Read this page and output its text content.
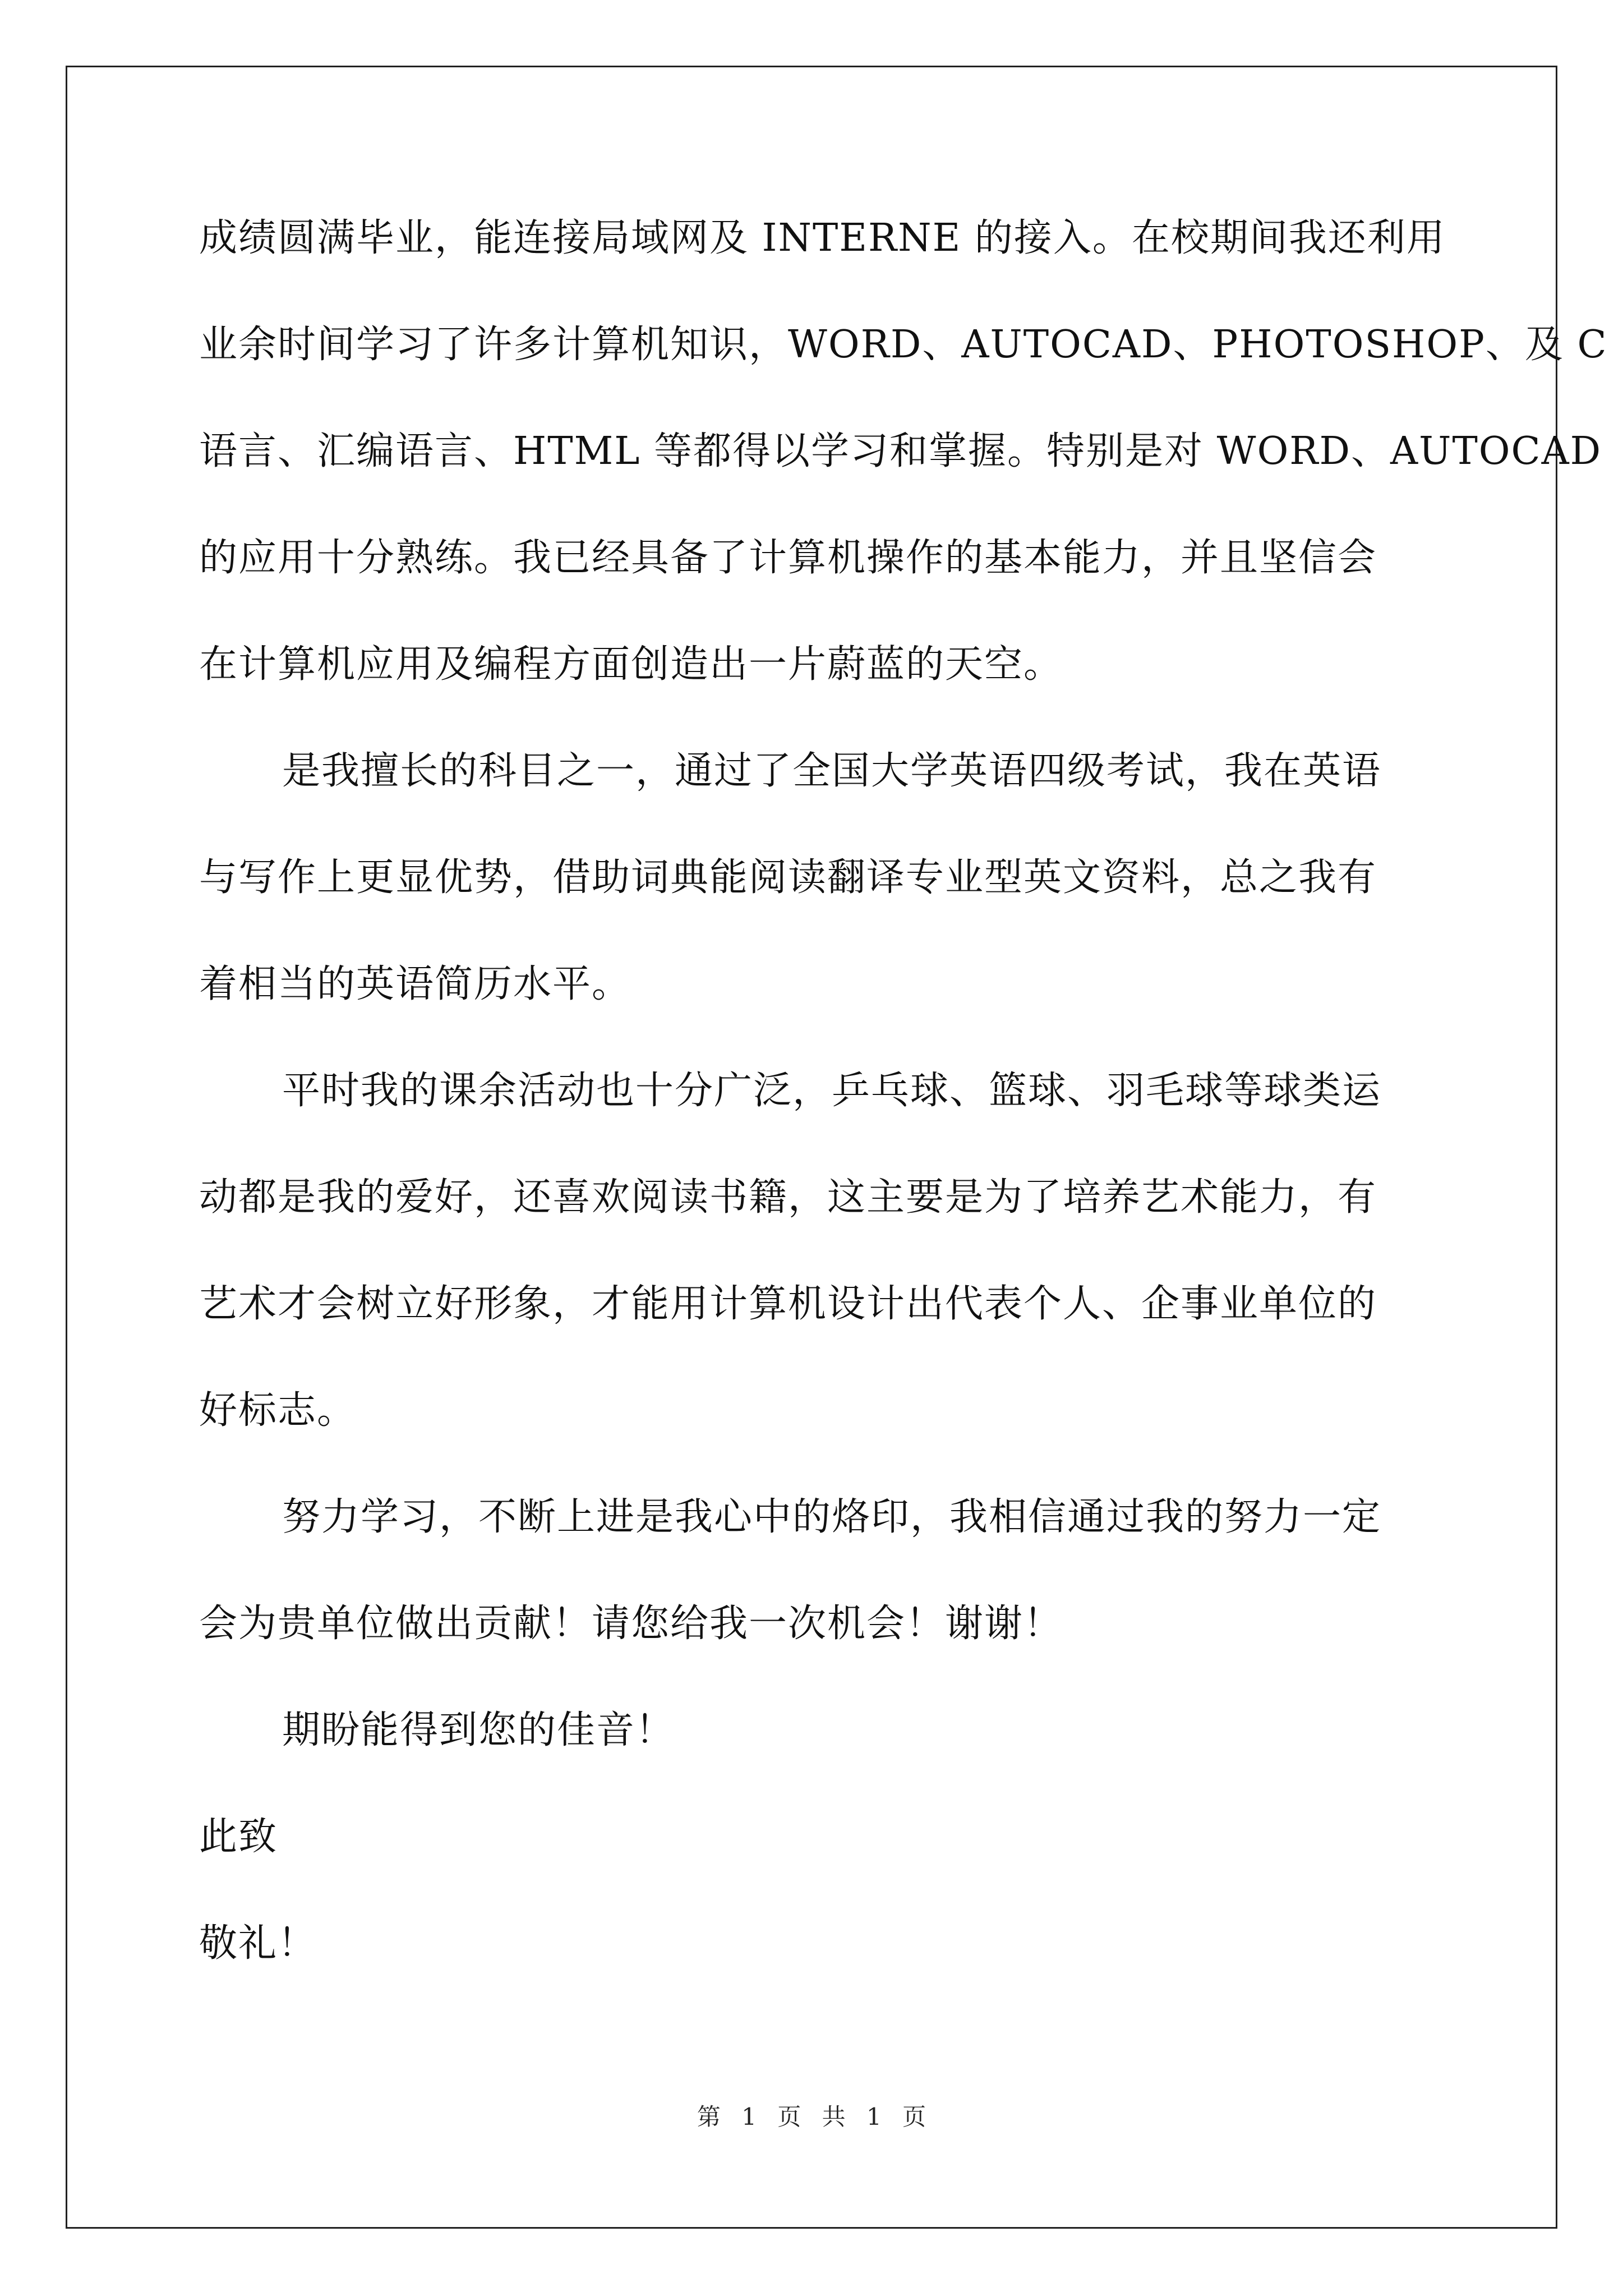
成绩圆满毕业，能连接局域网及 INTERNE 的接入。在校期间我还利用
业余时间学习了许多计算机知识，WORD、AUTOCAD、PHOTOSHOP、及 C
语言、汇编语言、HTML 等都得以学习和掌握。特别是对 WORD、AUTOCAD
的应用十分熟练。我已经具备了计算机操作的基本能力，并且坚信会
在计算机应用及编程方面创造出一片蔚蓝的天空。
是我擅长的科目之一，通过了全国大学英语四级考试，我在英语
与写作上更显优势，借助词典能阅读翻译专业型英文资料，总之我有
着相当的英语简历水平。
平时我的课余活动也十分广泛，乒乓球、篮球、羽毛球等球类运
动都是我的爱好，还喜欢阅读书籍，这主要是为了培养艺术能力，有
艺术才会树立好形象，才能用计算机设计出代表个人、企事业单位的
好标志。
努力学习，不断上进是我心中的烙印，我相信通过我的努力一定
会为贵单位做出贡献！请您给我一次机会！谢谢！
期盼能得到您的佳音！
此致
敬礼！
第 1 页 共 1 页
